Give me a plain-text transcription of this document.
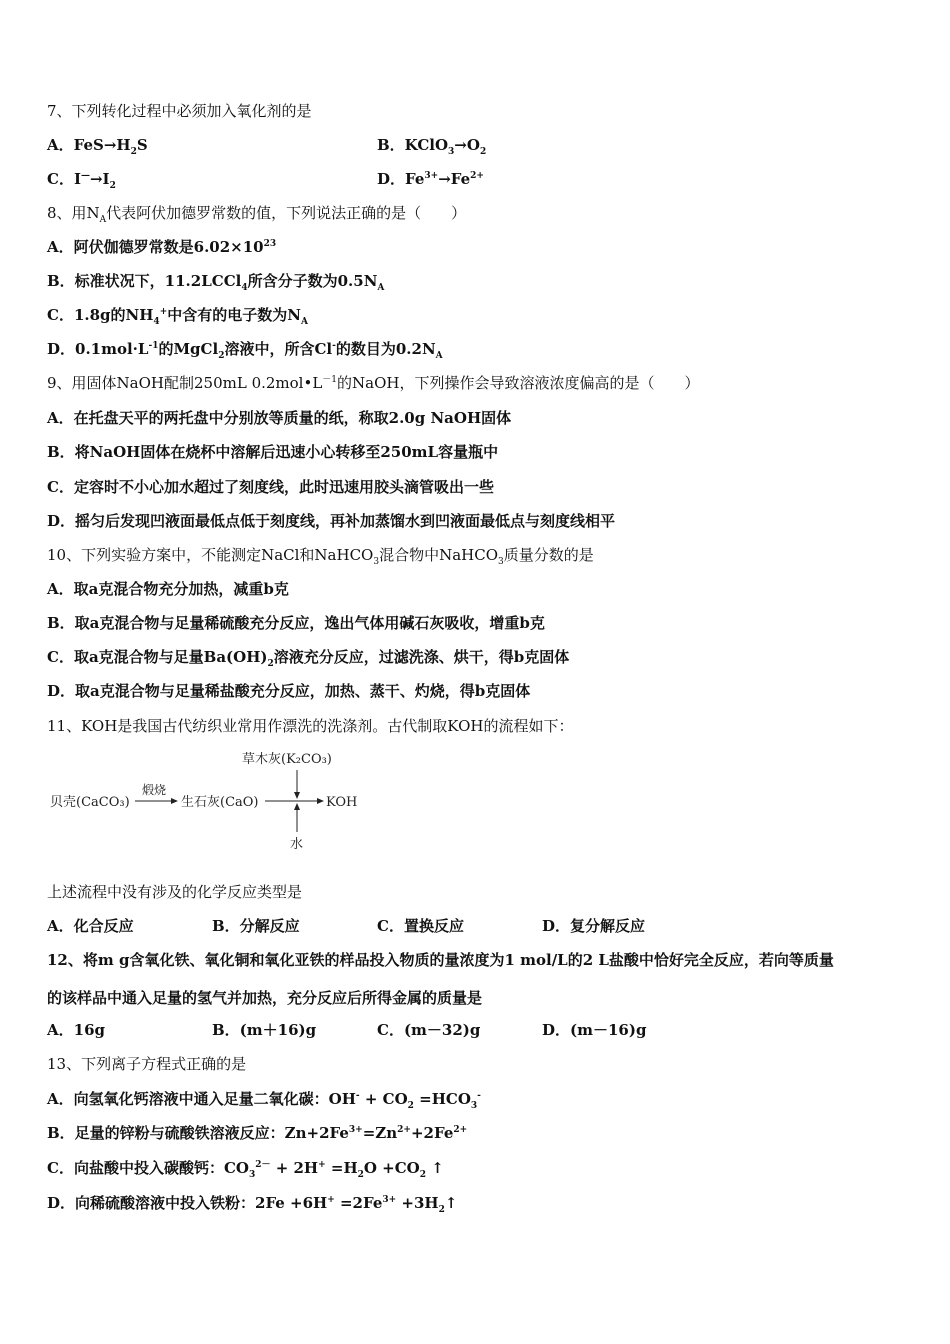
7、下列转化过程中必须加入氧化剂的是
A．$FeS\to H_2S$	B．$KClO_3\to O_2$
C．$I^—\to I_2$	D．$Fe^{3+}\to Fe^{2+}$
8、用$N_A$代表阿伏加德罗常数的值，下列说法正确的是（　　）
A．阿伏伽德罗常数是$6.02\times 10^{23}$
B．标准状况下，11.2LCCl$_4$所含分子数为$0.5N_A$
C．1.8g的$NH_4^+$中含有的电子数为$N_A$
D．$0.1mol\cdot L^{-1}$的MgCl$_2$溶液中，所含Cl-的数目为$0.2N_A$
9、用固体NaOH配制250mL $0.2mol•L^{-1}$的NaOH，下列操作会导致溶液浓度偏高的是（　　）
A．在托盘天平的两托盘中分别放等质量的纸，称取2.0g NaOH固体
B．将NaOH固体在烧杯中溶解后迅速小心转移至250mL容量瓶中
C．定容时不小心加水超过了刻度线，此时迅速用胶头滴管吸出一些
D．摇匀后发现凹液面最低点低于刻度线，再补加蒸馏水到凹液面最低点与刻度线相平
10、下列实验方案中，不能测定NaCl和NaHCO$_3$混合物中NaHCO$_3$质量分数的是
A．取a克混合物充分加热，减重b克
B．取a克混合物与足量稀硫酸充分反应，逸出气体用碱石灰吸收，增重b克
C．取a克混合物与足量$Ba(OH)_2$溶液充分反应，过滤洗涤、烘干，得b克固体
D．取a克混合物与足量稀盐酸充分反应，加热、蒸干、灼烧，得b克固体
11、KOH是我国古代纺织业常用作漂洗的洗涤剂。古代制取KOH的流程如下：
草木灰(K₂CO₃)
贝壳(CaCO₃)
煅烧
生石灰(CaO)	KOH
水
上述流程中没有涉及的化学反应类型是
A．化合反应	B．分解反应	C．置换反应	D．复分解反应
12、将m g含氧化铁、氧化铜和氧化亚铁的样品投入物质的量浓度为1 mol/L的2 L盐酸中恰好完全反应，若向等质量
的该样品中通入足量的氢气并加热，充分反应后所得金属的质量是
A．16g	B．(m＋16)g	C．(m－32)g	D．(m－16)g
13、下列离子方程式正确的是
A．向氢氧化钙溶液中通入足量二氧化碳：$OH^- + CO_2 =HCO_3^-$
B．足量的锌粉与硫酸铁溶液反应：$Zn+2Fe^{3+}=Zn^{2+}+2Fe^{2+}$
C．向盐酸中投入碳酸钙：$CO_3^{2-} + 2H^+ =H_2O +CO_2$ ↑
D．向稀硫酸溶液中投入铁粉：$2Fe +6H^+ =2Fe^{3+}$ $+3H_2↑$
